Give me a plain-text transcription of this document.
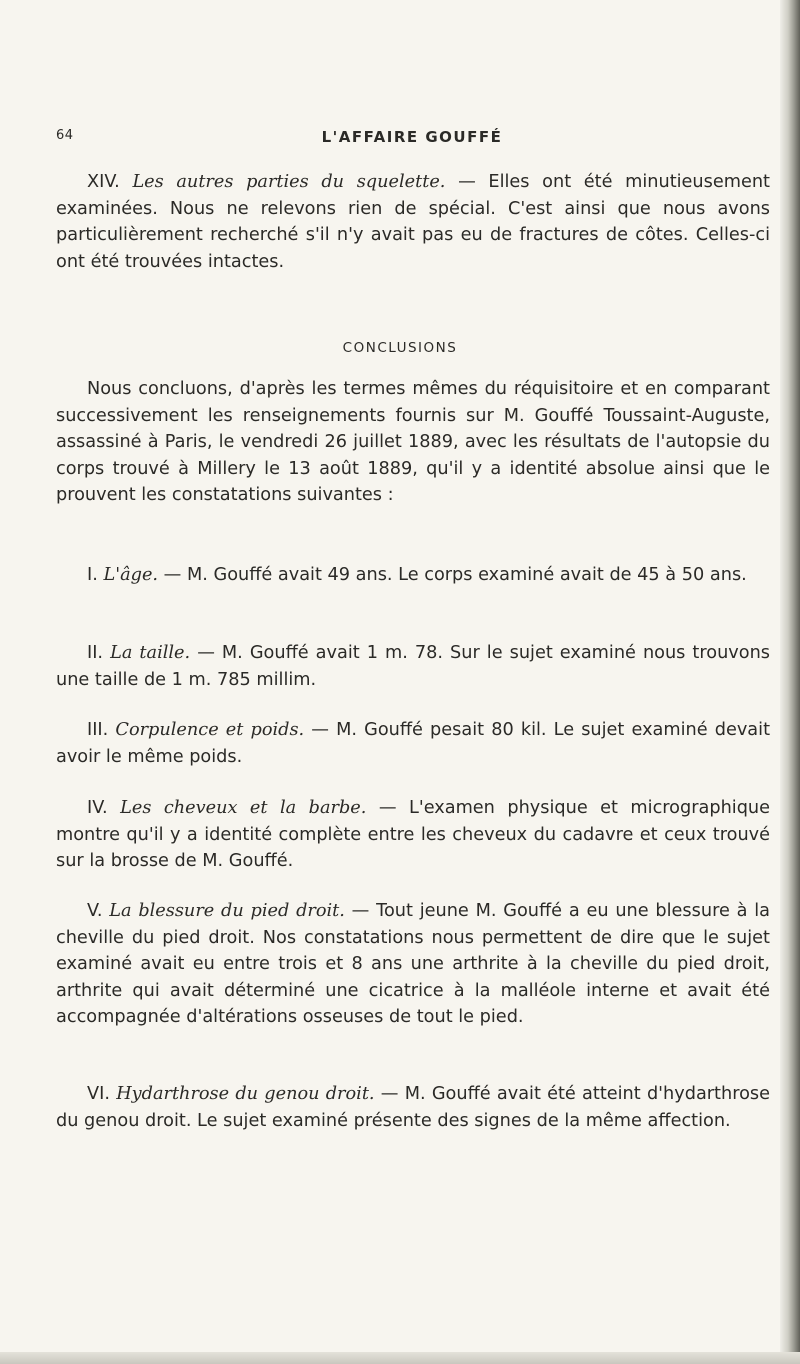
64	L'AFFAIRE GOUFFÉ

XIV. Les autres parties du squelette. — Elles ont été minutieusement examinées. Nous ne relevons rien de spécial. C'est ainsi que nous avons particulièrement recherché s'il n'y avait pas eu de fractures de côtes. Celles-ci ont été trouvées intactes.

CONCLUSIONS

Nous concluons, d'après les termes mêmes du réquisitoire et en comparant successivement les renseignements fournis sur M. Gouffé Toussaint-Auguste, assassiné à Paris, le vendredi 26 juillet 1889, avec les résultats de l'autopsie du corps trouvé à Millery le 13 août 1889, qu'il y a identité absolue ainsi que le prouvent les constatations suivantes :

I. L'âge. — M. Gouffé avait 49 ans. Le corps examiné avait de 45 à 50 ans.

II. La taille. — M. Gouffé avait 1 m. 78. Sur le sujet examiné nous trouvons une taille de 1 m. 785 millim.

III. Corpulence et poids. — M. Gouffé pesait 80 kil. Le sujet examiné devait avoir le même poids.

IV. Les cheveux et la barbe. — L'examen physique et micrographique montre qu'il y a identité complète entre les cheveux du cadavre et ceux trouvé sur la brosse de M. Gouffé.

V. La blessure du pied droit. — Tout jeune M. Gouffé a eu une blessure à la cheville du pied droit. Nos constatations nous permettent de dire que le sujet examiné avait eu entre trois et 8 ans une arthrite à la cheville du pied droit, arthrite qui avait déterminé une cicatrice à la malléole interne et avait été accompagnée d'altérations osseuses de tout le pied.

VI. Hydarthrose du genou droit. — M. Gouffé avait été atteint d'hydarthrose du genou droit. Le sujet examiné présente des signes de la même affection.
